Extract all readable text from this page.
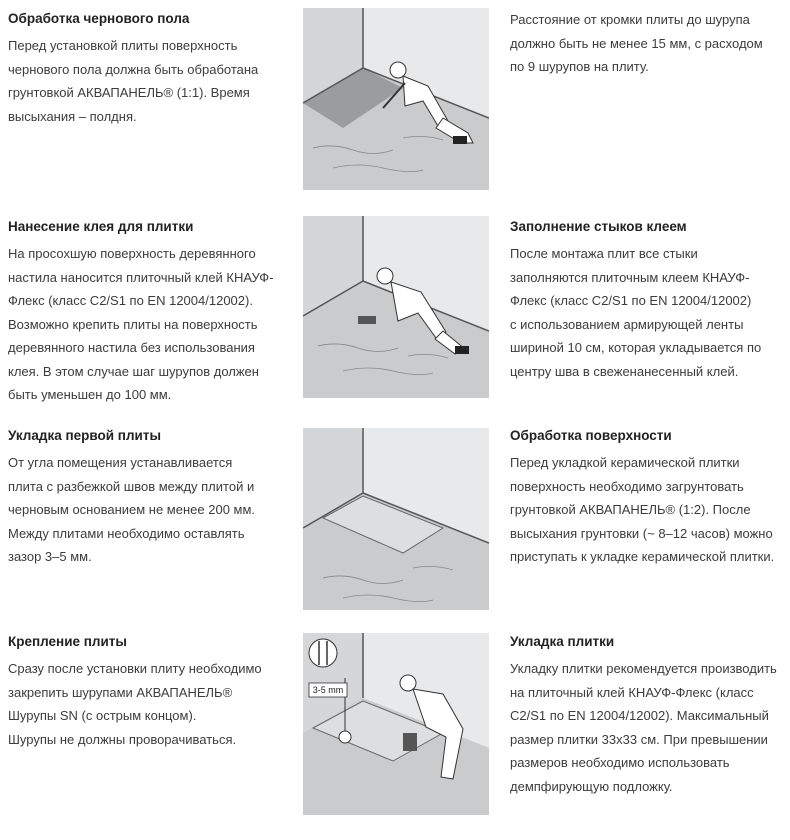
Обработка чернового пола

Перед установкой плиты поверхность
чернового пола должна быть обработана
грунтовкой АКВАПАНЕЛЬ® (1:1). Время
высыхания – полдня.

Нанесение клея для плитки

На просохшую поверхность деревянного
настила наносится плиточный клей КНАУФ-
Флекс (класс С2/S1 по EN 12004/12002).
Возможно крепить плиты на поверхность
деревянного настила без использования
клея. В этом случае шаг шурупов должен
быть уменьшен до 100 мм.

Укладка первой плиты

От угла помещения устанавливается
плита с разбежкой швов между плитой и
черновым основанием не менее 200 мм.
Между плитами необходимо оставлять
зазор 3–5 мм.

Крепление плиты

Сразу после установки плиту необходимо
закрепить шурупами АКВАПАНЕЛЬ®
Шурупы SN (с острым концом).
Шурупы не должны проворачиваться.

Расстояние от кромки плиты до шурупа
должно быть не менее 15 мм, с расходом
по 9 шурупов на плиту.

Заполнение стыков клеем

После монтажа плит все стыки
заполняются плиточным клеем КНАУФ-
Флекс (класс С2/S1 по EN 12004/12002)
с использованием армирующей ленты
шириной 10 см, которая укладывается по
центру шва в свеженанесенный клей.

Обработка поверхности

Перед укладкой керамической плитки
поверхность необходимо загрунтовать
грунтовкой АКВАПАНЕЛЬ® (1:2). После
высыхания грунтовки (~ 8–12 часов) можно
приступать к укладке керамической плитки.

Укладка плитки

Укладку плитки рекомендуется производить
на плиточный клей КНАУФ-Флекс (класс
С2/S1 по EN 12004/12002). Максимальный
размер плитки 33х33 см. При превышении
размеров необходимо использовать
демпфирующую подложку.

3-5 mm
